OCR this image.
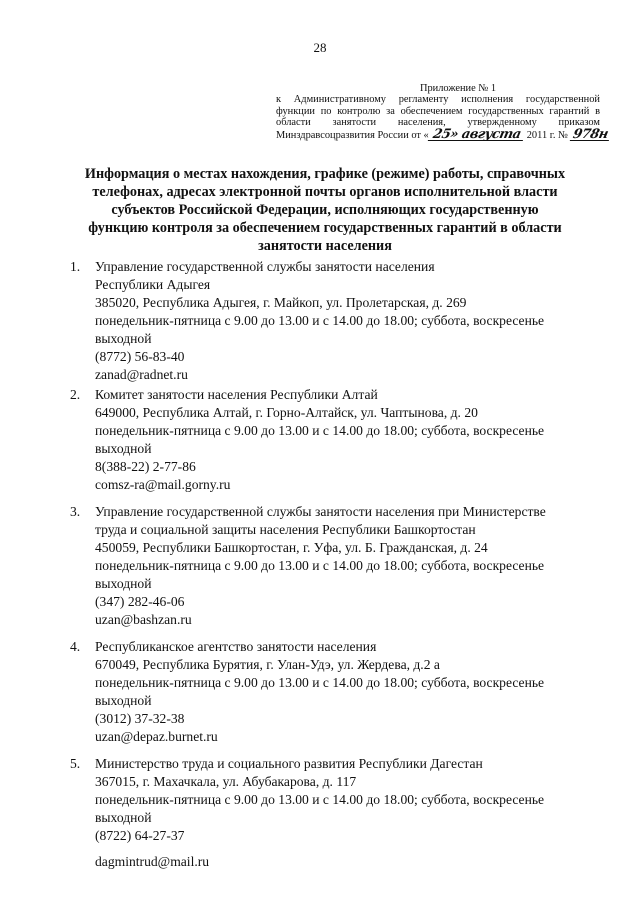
28
Приложение № 1
к Административному регламенту исполнения государственной
функции по контролю за обеспечением государственных гарантий в
области занятости населения, утвержденному приказом
Минздравсоцразвития России от « 25» августа 2011 г. № 978н
Информация о местах нахождения, графике (режиме) работы, справочных телефонах, адресах электронной почты органов исполнительной власти субъектов Российской Федерации, исполняющих государственную функцию контроля за обеспечением государственных гарантий в области занятости населения
1. Управление государственной службы занятости населения
Республики Адыгея
385020, Республика Адыгея, г. Майкоп, ул. Пролетарская, д. 269
понедельник-пятница с 9.00 до 13.00 и с 14.00 до 18.00; суббота, воскресенье
выходной
(8772) 56-83-40
zanad@radnet.ru
2. Комитет занятости населения Республики Алтай
649000, Республика Алтай, г. Горно-Алтайск, ул. Чаптынова, д. 20
понедельник-пятница с 9.00 до 13.00 и с 14.00 до 18.00; суббота, воскресенье
выходной
8(388-22) 2-77-86
comsz-ra@mail.gorny.ru
3. Управление государственной службы занятости населения при Министерстве
труда и социальной защиты населения Республики Башкортостан
450059, Республики Башкортостан, г. Уфа, ул. Б. Гражданская, д. 24
понедельник-пятница с 9.00 до 13.00 и с 14.00 до 18.00; суббота, воскресенье
выходной
(347) 282-46-06
uzan@bashzan.ru
4. Республиканское агентство занятости населения
670049, Республика Бурятия, г. Улан-Удэ, ул. Жердева, д.2 а
понедельник-пятница с 9.00 до 13.00 и с 14.00 до 18.00; суббота, воскресенье
выходной
(3012) 37-32-38
uzan@depaz.burnet.ru
5. Министерство труда и социального развития Республики Дагестан
367015, г. Махачкала, ул. Абубакарова, д. 117
понедельник-пятница с 9.00 до 13.00 и с 14.00 до 18.00; суббота, воскресенье
выходной
(8722) 64-27-37
dagmintrud@mail.ru
